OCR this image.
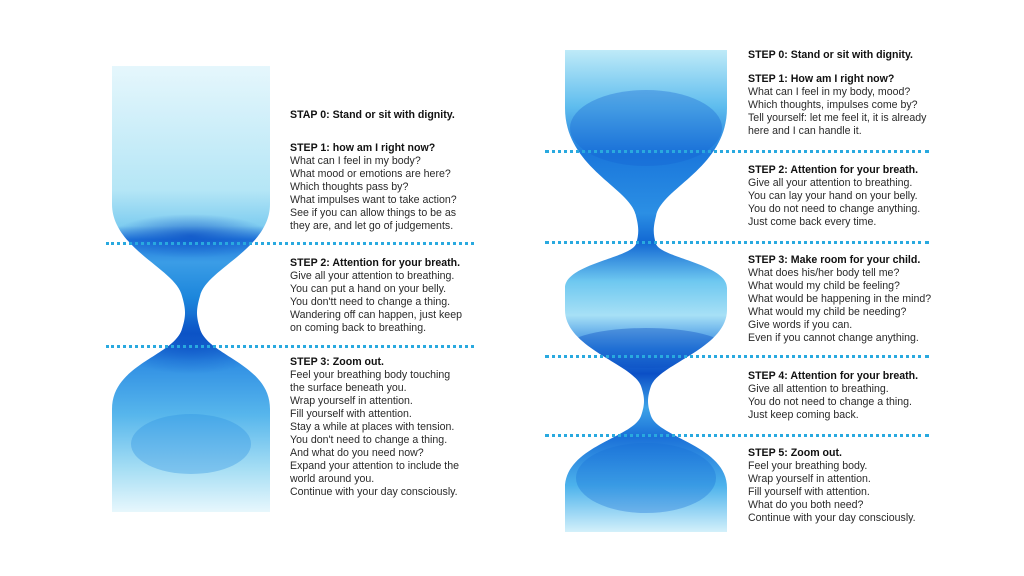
STAP 0: Stand or sit with dignity.
STEP 1: how am I right now?
What can I feel in my body?
What mood or emotions are here?
Which thoughts pass by?
What impulses want to take action?
See if you can allow things to be as
they are, and let go of judgements.
STEP 2: Attention for your breath.
Give all your attention to breathing.
You can put a hand on your belly.
You don'tt need to change a thing.
Wandering off can happen, just keep
on coming back to breathing.
STEP 3: Zoom out.
Feel your breathing body touching
the surface beneath you.
Wrap yourself in attention.
Fill yourself with attention.
Stay a while at places with tension.
You don't need to change a thing.
And what do you need now?
Expand your attention to include the
world around you.
Continue with your day consciously.
STEP 0: Stand or sit with dignity.
STEP 1: How am I right now?
What can I feel in my body, mood?
Which thoughts, impulses come by?
Tell yourself: let me feel it, it is already
here and I can handle it.
STEP 2: Attention for your breath.
Give all your attention to breathing.
You can lay your hand on your belly.
You do not need to change anything.
Just come back every time.
STEP 3: Make room for your child.
What does his/her body tell me?
What would my child be feeling?
What would be happening in the mind?
What would my child be needing?
Give words if you can.
Even if you cannot change anything.
STEP 4: Attention for your breath.
Give all attention to breathing.
You do not need to change a thing.
Just keep coming back.
STEP 5: Zoom out.
Feel your breathing body.
Wrap yourself in attention.
Fill yourself with attention.
What do you both need?
Continue with your day consciously.
